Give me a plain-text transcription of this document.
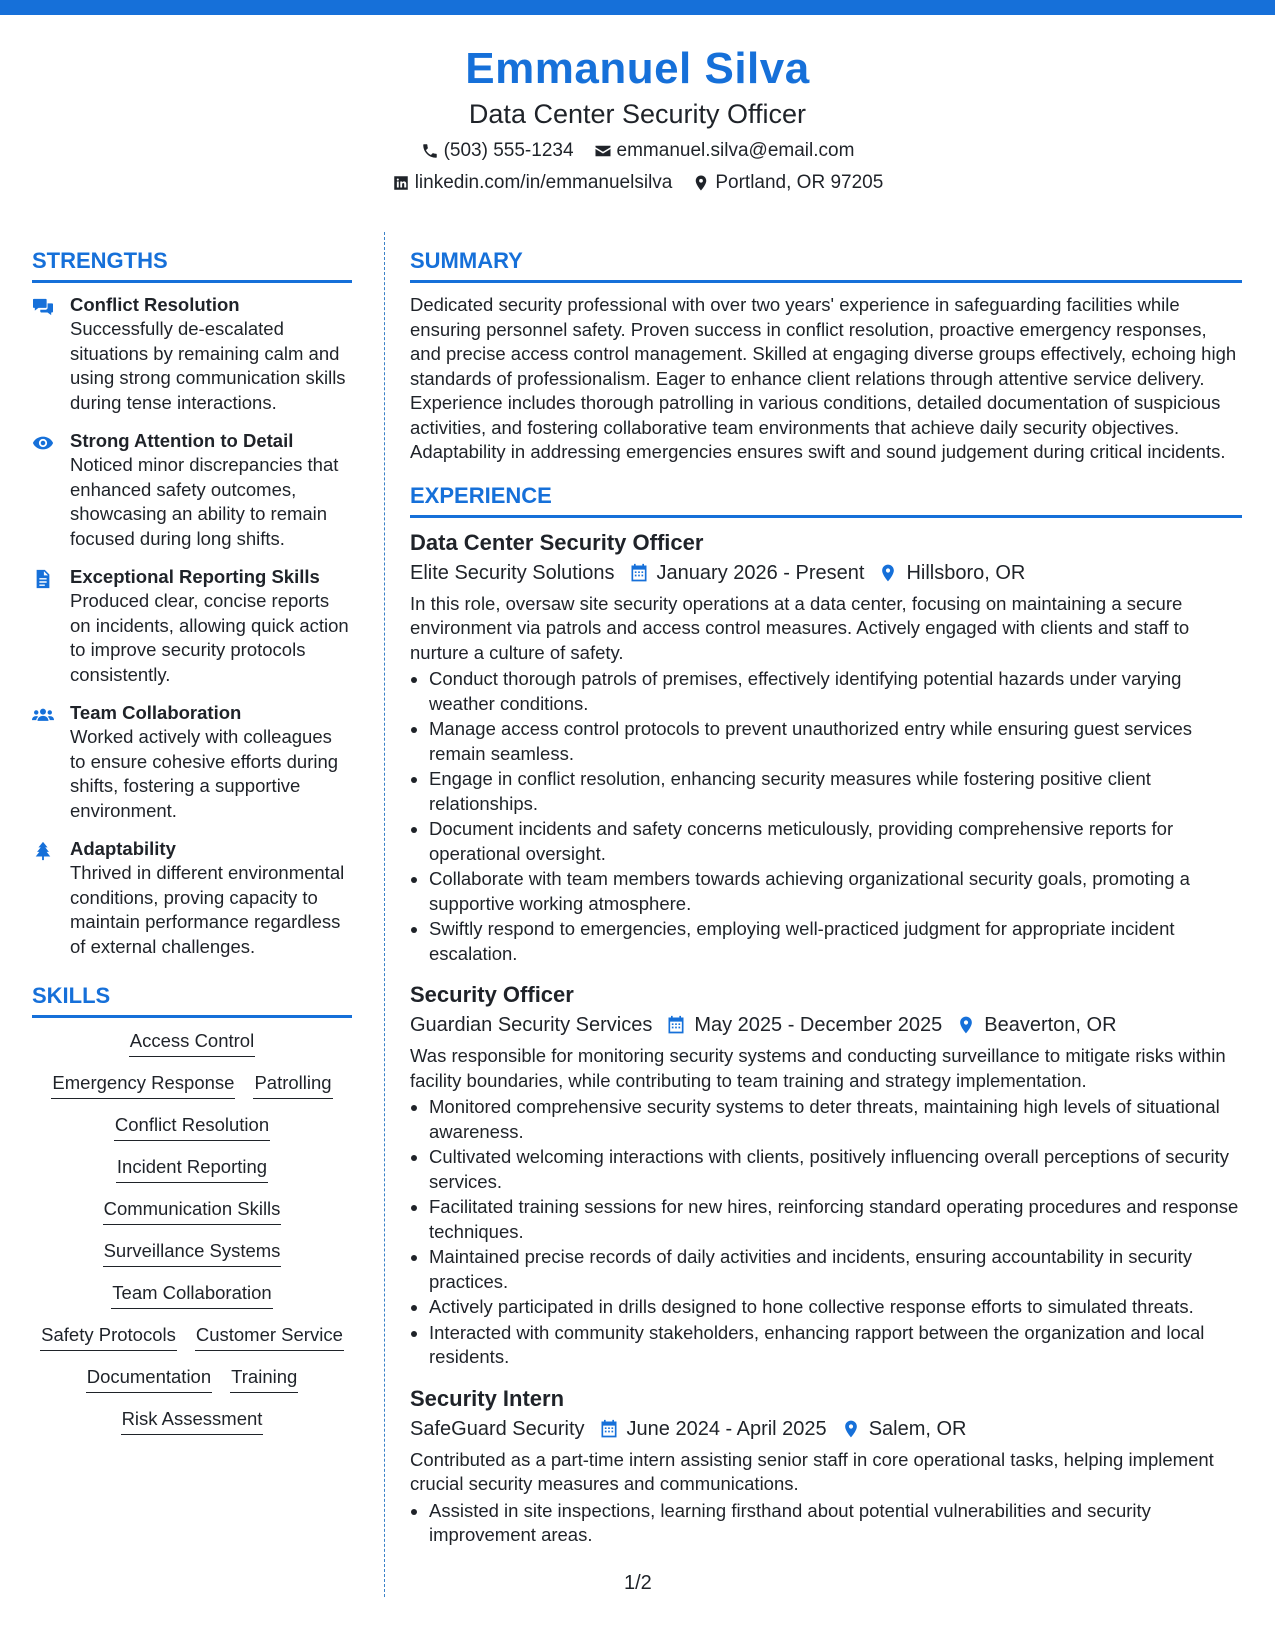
Emmanuel Silva
Data Center Security Officer
(503) 555-1234 emmanuel.silva@email.com
linkedin.com/in/emmanuelsilva Portland, OR 97205
STRENGTHS
Conflict Resolution
Successfully de-escalated situations by remaining calm and using strong communication skills during tense interactions.
Strong Attention to Detail
Noticed minor discrepancies that enhanced safety outcomes, showcasing an ability to remain focused during long shifts.
Exceptional Reporting Skills
Produced clear, concise reports on incidents, allowing quick action to improve security protocols consistently.
Team Collaboration
Worked actively with colleagues to ensure cohesive efforts during shifts, fostering a supportive environment.
Adaptability
Thrived in different environmental conditions, proving capacity to maintain performance regardless of external challenges.
SKILLS
Access Control
Emergency Response Patrolling
Conflict Resolution
Incident Reporting
Communication Skills
Surveillance Systems
Team Collaboration
Safety Protocols Customer Service
Documentation Training
Risk Assessment
SUMMARY

Dedicated security professional with over two years' experience in safeguarding facilities while ensuring personnel safety. Proven success in conflict resolution, proactive emergency responses, and precise access control management. Skilled at engaging diverse groups effectively, echoing high standards of professionalism. Eager to enhance client relations through attentive service delivery. Experience includes thorough patrolling in various conditions, detailed documentation of suspicious activities, and fostering collaborative team environments that achieve daily security objectives. Adaptability in addressing emergencies ensures swift and sound judgement during critical incidents.

EXPERIENCE
Data Center Security Officer
Elite Security Solutions January 2026 - Present Hillsboro, OR
In this role, oversaw site security operations at a data center, focusing on maintaining a secure environment via patrols and access control measures. Actively engaged with clients and staff to nurture a culture of safety.
• Conduct thorough patrols of premises, effectively identifying potential hazards under varying weather conditions.
• Manage access control protocols to prevent unauthorized entry while ensuring guest services remain seamless.
• Engage in conflict resolution, enhancing security measures while fostering positive client relationships.
• Document incidents and safety concerns meticulously, providing comprehensive reports for operational oversight.
• Collaborate with team members towards achieving organizational security goals, promoting a supportive working atmosphere.
• Swiftly respond to emergencies, employing well-practiced judgment for appropriate incident escalation.
Security Officer
Guardian Security Services May 2025 - December 2025 Beaverton, OR
Was responsible for monitoring security systems and conducting surveillance to mitigate risks within facility boundaries, while contributing to team training and strategy implementation.
• Monitored comprehensive security systems to deter threats, maintaining high levels of situational awareness.
• Cultivated welcoming interactions with clients, positively influencing overall perceptions of security services.
• Facilitated training sessions for new hires, reinforcing standard operating procedures and response techniques.
• Maintained precise records of daily activities and incidents, ensuring accountability in security practices.
• Actively participated in drills designed to hone collective response efforts to simulated threats.
• Interacted with community stakeholders, enhancing rapport between the organization and local residents.
Security Intern
SafeGuard Security June 2024 - April 2025 Salem, OR
Contributed as a part-time intern assisting senior staff in core operational tasks, helping implement crucial security measures and communications.
• Assisted in site inspections, learning firsthand about potential vulnerabilities and security improvement areas.
1/2
